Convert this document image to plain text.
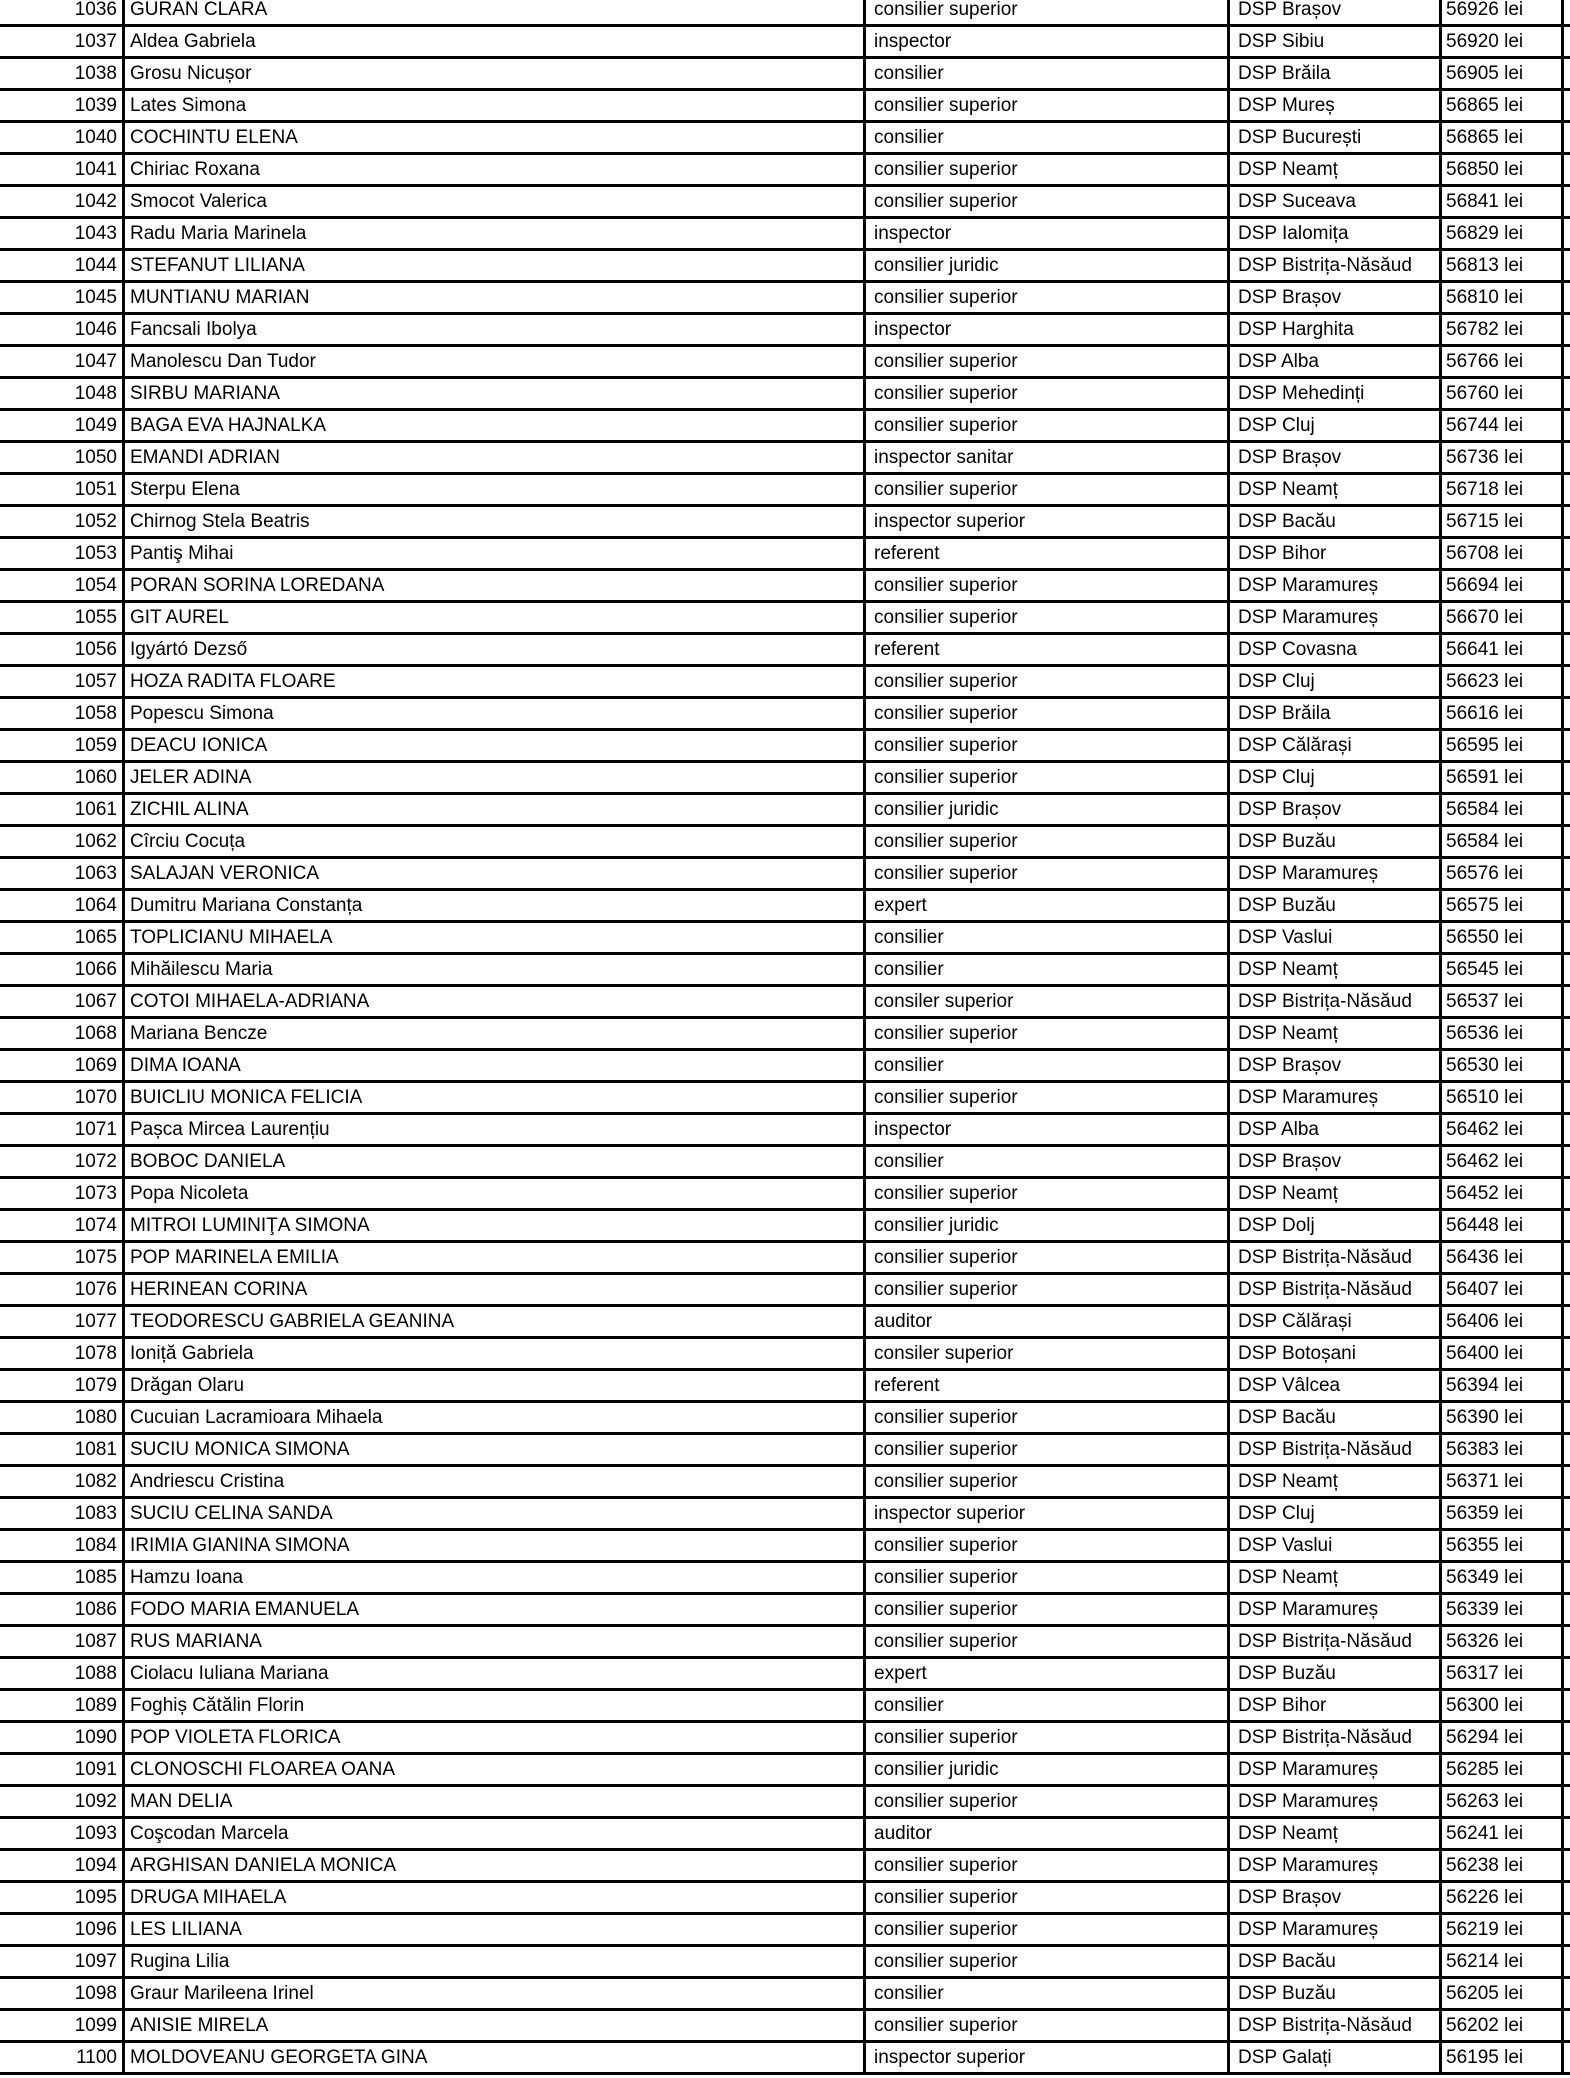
1036 GURAN CLARA	consilier superior	DSP Brașov	56926 lei
1037 Aldea Gabriela	inspector	DSP Sibiu	56920 lei
1038 Grosu Nicușor	consilier	DSP Brăila	56905 lei
1039 Lates Simona	consilier superior	DSP Mureș	56865 lei
1040 COCHINTU ELENA	consilier	DSP București	56865 lei
1041 Chiriac Roxana	consilier superior	DSP Neamț	56850 lei
1042 Smocot Valerica	consilier superior	DSP Suceava	56841 lei
1043 Radu Maria Marinela	inspector	DSP Ialomița	56829 lei
1044 STEFANUT LILIANA	consilier juridic	DSP Bistrița-Năsăud	56813 lei
1045 MUNTIANU MARIAN	consilier superior	DSP Brașov	56810 lei
1046 Fancsali Ibolya	inspector	DSP Harghita	56782 lei
1047 Manolescu Dan Tudor	consilier superior	DSP Alba	56766 lei
1048 SIRBU MARIANA	consilier superior	DSP Mehedinți	56760 lei
1049 BAGA EVA HAJNALKA	consilier superior	DSP Cluj	56744 lei
1050 EMANDI ADRIAN	inspector sanitar	DSP Brașov	56736 lei
1051 Sterpu Elena	consilier superior	DSP Neamț	56718 lei
1052 Chirnog Stela Beatris	inspector superior	DSP Bacău	56715 lei
1053 Pantiş Mihai	referent	DSP Bihor	56708 lei
1054 PORAN SORINA LOREDANA	consilier superior	DSP Maramureș	56694 lei
1055 GIT AUREL	consilier superior	DSP Maramureș	56670 lei
1056 Igyártó Dezső	referent	DSP Covasna	56641 lei
1057 HOZA RADITA FLOARE	consilier superior	DSP Cluj	56623 lei
1058 Popescu Simona	consilier superior	DSP Brăila	56616 lei
1059 DEACU IONICA	consilier superior	DSP Călărași	56595 lei
1060 JELER ADINA	consilier superior	DSP Cluj	56591 lei
1061 ZICHIL ALINA	consilier juridic	DSP Brașov	56584 lei
1062 Cîrciu Cocuța	consilier superior	DSP Buzău	56584 lei
1063 SALAJAN VERONICA	consilier superior	DSP Maramureș	56576 lei
1064 Dumitru Mariana Constanța	expert	DSP Buzău	56575 lei
1065 TOPLICIANU MIHAELA	consilier	DSP Vaslui	56550 lei
1066 Mihăilescu Maria	consilier	DSP Neamț	56545 lei
1067 COTOI MIHAELA-ADRIANA	consiler superior	DSP Bistrița-Năsăud	56537 lei
1068 Mariana Bencze	consilier superior	DSP Neamț	56536 lei
1069 DIMA IOANA	consilier	DSP Brașov	56530 lei
1070 BUICLIU MONICA FELICIA	consilier superior	DSP Maramureș	56510 lei
1071 Pașca Mircea Laurențiu	inspector	DSP Alba	56462 lei
1072 BOBOC DANIELA	consilier	DSP Brașov	56462 lei
1073 Popa Nicoleta	consilier superior	DSP Neamț	56452 lei
1074 MITROI LUMINIŢA SIMONA	consilier juridic	DSP Dolj	56448 lei
1075 POP MARINELA EMILIA	consilier superior	DSP Bistrița-Năsăud	56436 lei
1076 HERINEAN CORINA	consilier superior	DSP Bistrița-Năsăud	56407 lei
1077 TEODORESCU GABRIELA GEANINA	auditor	DSP Călărași	56406 lei
1078 Ioniță Gabriela	consiler superior	DSP Botoșani	56400 lei
1079 Drăgan Olaru	referent	DSP Vâlcea	56394 lei
1080 Cucuian Lacramioara Mihaela	consilier superior	DSP Bacău	56390 lei
1081 SUCIU MONICA SIMONA	consilier superior	DSP Bistrița-Năsăud	56383 lei
1082 Andriescu Cristina	consilier superior	DSP Neamț	56371 lei
1083 SUCIU CELINA SANDA	inspector superior	DSP Cluj	56359 lei
1084 IRIMIA GIANINA SIMONA	consilier superior	DSP Vaslui	56355 lei
1085 Hamzu Ioana	consilier superior	DSP Neamț	56349 lei
1086 FODO MARIA EMANUELA	consilier superior	DSP Maramureș	56339 lei
1087 RUS MARIANA	consilier superior	DSP Bistrița-Năsăud	56326 lei
1088 Ciolacu Iuliana Mariana	expert	DSP Buzău	56317 lei
1089 Foghiș Cătălin Florin	consilier	DSP Bihor	56300 lei
1090 POP VIOLETA FLORICA	consilier superior	DSP Bistrița-Năsăud	56294 lei
1091 CLONOSCHI FLOAREA OANA	consilier juridic	DSP Maramureș	56285 lei
1092 MAN DELIA	consilier superior	DSP Maramureș	56263 lei
1093 Coşcodan Marcela	auditor	DSP Neamț	56241 lei
1094 ARGHISAN DANIELA MONICA	consilier superior	DSP Maramureș	56238 lei
1095 DRUGA MIHAELA	consilier superior	DSP Brașov	56226 lei
1096 LES LILIANA	consilier superior	DSP Maramureș	56219 lei
1097 Rugina Lilia	consilier superior	DSP Bacău	56214 lei
1098 Graur Marileena Irinel	consilier	DSP Buzău	56205 lei
1099 ANISIE MIRELA	consilier superior	DSP Bistrița-Năsăud	56202 lei
1100 MOLDOVEANU GEORGETA GINA	inspector superior	DSP Galați	56195 lei
